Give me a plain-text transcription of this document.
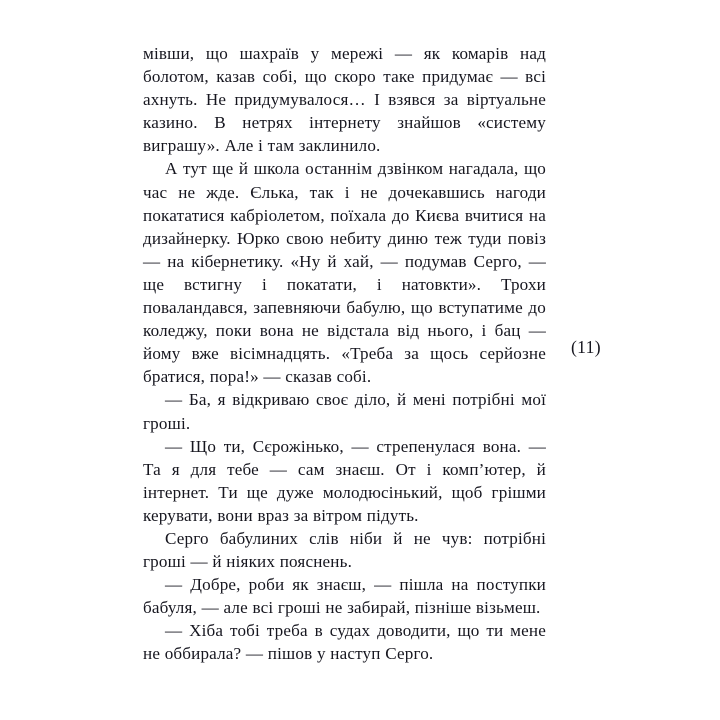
мівши, що шахраїв у мережі — як комарів над болотом, казав собі, що скоро таке придумає — всі ахнуть. Не придумувалося… І взявся за віртуальне казино. В нетрях інтернету знайшов «систему виграшу». Але і там заклинило.

А тут ще й школа останнім дзвінком нагадала, що час не жде. Єлька, так і не дочекавшись нагоди покататися кабріолетом, поїхала до Києва вчитися на дизайнерку. Юрко свою небиту диню теж туди повіз — на кібернетику. «Ну й хай, — подумав Серго, — ще встигну і покатати, і натовкти». Трохи поваландався, запевняючи бабулю, що вступатиме до коледжу, поки вона не відстала від нього, і бац — йому вже вісімнадцять. «Треба за щось серйозне братися, пора!» — сказав собі.

— Ба, я відкриваю своє діло, й мені потрібні мої гроші.

— Що ти, Сєрожінько, — стрепенулася вона. — Та я для тебе — сам знаєш. От і комп’ютер, й інтернет. Ти ще дуже молодюсінький, щоб грішми керувати, вони враз за вітром підуть.

Серго бабулиних слів ніби й не чув: потрібні гроші — й ніяких пояснень.

— Добре, роби як знаєш, — пішла на поступки бабуля, — але всі гроші не забирай, пізніше візьмеш.

— Хіба тобі треба в судах доводити, що ти мене не оббирала? — пішов у наступ Серго.

(11)
